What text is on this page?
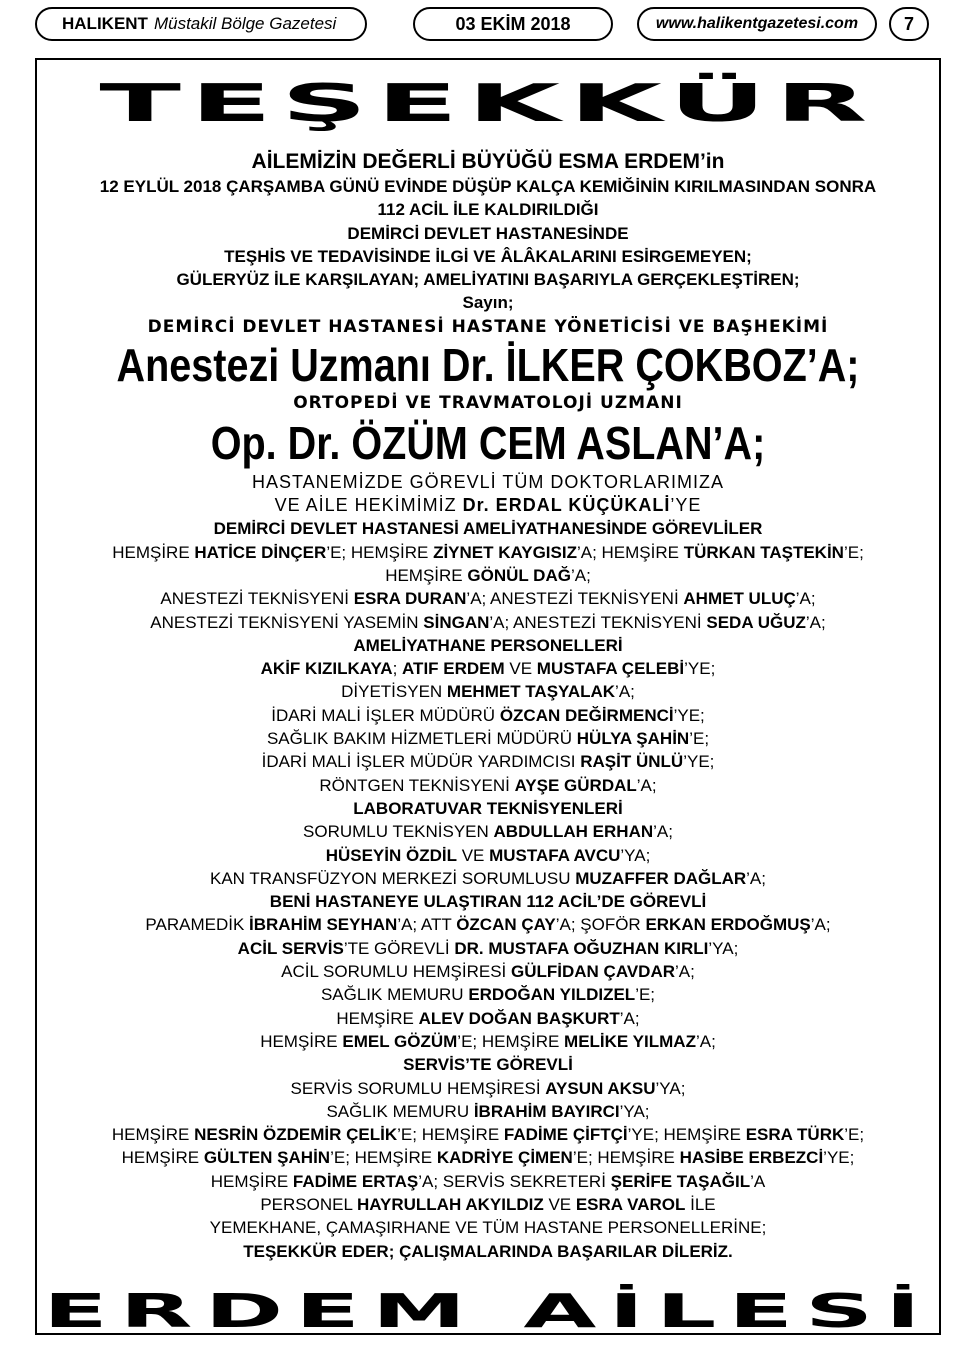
HALIKENT Müstakil Bölge Gazetesi	03 EKİM 2018	www.halikentgazetesi.com	7
TEŞEKKÜR
AİLEMİZİN DEĞERLİ BÜYÜĞÜ ESMA ERDEM’in
12 EYLÜL 2018 ÇARŞAMBA GÜNÜ EVİNDE DÜŞÜP KALÇA KEMİĞİNİN KIRILMASINDAN SONRA
112 ACİL İLE KALDIRILDIĞI
DEMİRCİ DEVLET HASTANESİNDE
TEŞHİS VE TEDAVİSİNDE İLGİ VE ÂLÂKALARINI ESİRGEMEYEN;
GÜLERYÜZ İLE KARŞILAYAN; AMELİYATINI BAŞARIYLA GERÇEKLEŞTİREN;
Sayın;
DEMİRCİ DEVLET HASTANESİ HASTANE YÖNETİCİSİ VE BAŞHEKİMİ
Anestezi Uzmanı Dr. İLKER ÇOKBOZ’A;
ORTOPEDİ VE TRAVMATOLOJİ UZMANI
Op. Dr. ÖZÜM CEM ASLAN’A;
HASTANEMİZDE GÖREVLİ TÜM DOKTORLARIMIZA
VE AİLE HEKİMİMİZ Dr. ERDAL KÜÇÜKALİ’YE
DEMİRCİ DEVLET HASTANESİ AMELİYATHANESİNDE GÖREVLİLER
HEMŞİRE HATİCE DİNÇER’E; HEMŞİRE ZİYNET KAYGISIZ’A; HEMŞİRE TÜRKAN TAŞTEKİN’E;
HEMŞİRE GÖNÜL DAĞ’A;
ANESTEZİ TEKNİSYENİ ESRA DURAN’A; ANESTEZİ TEKNİSYENİ AHMET ULUÇ’A;
ANESTEZİ TEKNİSYENİ YASEMİN SİNGAN’A; ANESTEZİ TEKNİSYENİ SEDA UĞUZ’A;
AMELİYATHANE PERSONELLERİ
AKİF KIZILKAYA; ATIF ERDEM VE MUSTAFA ÇELEBİ’YE;
DİYETİSYEN MEHMET TAŞYALAK’A;
İDARİ MALİ İŞLER MÜDÜRÜ ÖZCAN DEĞİRMENCİ’YE;
SAĞLIK BAKIM HİZMETLERİ MÜDÜRÜ HÜLYA ŞAHİN’E;
İDARİ MALİ İŞLER MÜDÜR YARDIMCISI RAŞİT ÜNLÜ’YE;
RÖNTGEN TEKNİSYENİ AYŞE GÜRDAL’A;
LABORATUVAR TEKNİSYENLERİ
SORUMLU TEKNİSYEN ABDULLAH ERHAN’A;
HÜSEYİN ÖZDİL VE MUSTAFA AVCU’YA;
KAN TRANSFÜZYON MERKEZİ SORUMLUSU MUZAFFER DAĞLAR’A;
BENİ HASTANEYE ULAŞTIRAN 112 ACİL’DE GÖREVLİ
PARAMEDİK İBRAHİM SEYHAN’A; ATT ÖZCAN ÇAY’A; ŞOFÖR ERKAN ERDOĞMUŞ’A;
ACİL SERVİS’TE GÖREVLİ DR. MUSTAFA OĞUZHAN KIRLI’YA;
ACİL SORUMLU HEMŞİRESİ GÜLFİDAN ÇAVDAR’A;
SAĞLIK MEMURU ERDOĞAN YILDIZEL’E;
HEMŞİRE ALEV DOĞAN BAŞKURT’A;
HEMŞİRE EMEL GÖZÜM’E; HEMŞİRE MELİKE YILMAZ’A;
SERVİS’TE GÖREVLİ
SERVİS SORUMLU HEMŞİRESİ AYSUN AKSU’YA;
SAĞLIK MEMURU İBRAHİM BAYIRCI’YA;
HEMŞİRE NESRİN ÖZDEMİR ÇELİK’E; HEMŞİRE FADİME ÇİFTÇİ’YE; HEMŞİRE ESRA TÜRK’E;
HEMŞİRE GÜLTEN ŞAHİN’E; HEMŞİRE KADRİYE ÇİMEN’E; HEMŞİRE HASİBE ERBEZCİ’YE;
HEMŞİRE FADİME ERTAŞ’A; SERVİS SEKRETERİ ŞERİFE TAŞAĞIL’A
PERSONEL HAYRULLAH AKYILDIZ VE ESRA VAROL İLE
YEMEKHANE, ÇAMAŞIRHANE VE TÜM HASTANE PERSONELLERİNE;
TEŞEKKÜR EDER; ÇALIŞMALARINDA BAŞARILAR DİLERİZ.
ERDEM AİLESİ
